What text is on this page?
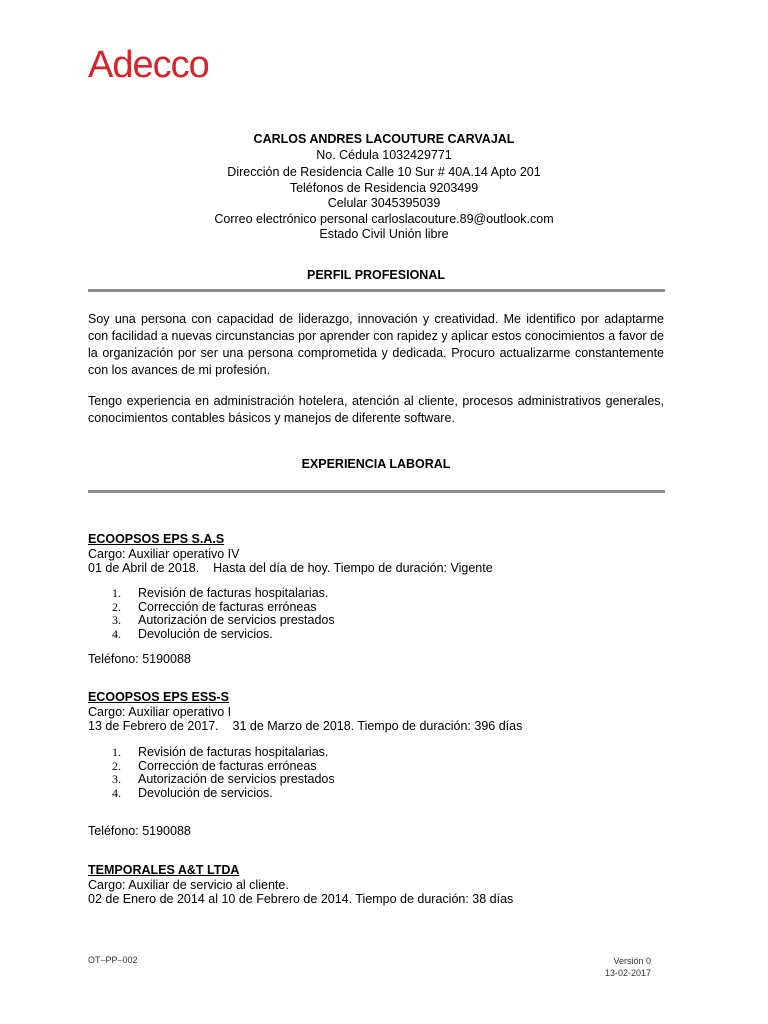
Adecco
CARLOS ANDRES LACOUTURE CARVAJAL
No. Cédula 1032429771
Dirección de Residencia Calle 10 Sur # 40A.14 Apto 201
Teléfonos de Residencia 9203499
Celular 3045395039
Correo electrónico personal carloslacouture.89@outlook.com
Estado Civil Unión libre
PERFIL PROFESIONAL

Soy una persona con capacidad de liderazgo, innovación y creatividad. Me identifico por adaptarme con facilidad a nuevas circunstancias por aprender con rapidez y aplicar estos conocimientos a favor de la organización por ser una persona comprometida y dedicada. Procuro actualizarme constantemente con los avances de mi profesión.

Tengo experiencia en administración hotelera, atención al cliente, procesos administrativos generales, conocimientos contables básicos y manejos de diferente software.

EXPERIENCIA LABORAL
ECOOPSOS EPS S.A.S
Cargo: Auxiliar operativo IV
01 de Abril de 2018.    Hasta del día de hoy. Tiempo de duración: Vigente
1.	Revisión de facturas hospitalarias.
2.	Corrección de facturas erróneas
3.	Autorización de servicios prestados
4.	Devolución de servicios.
Teléfono: 5190088
ECOOPSOS EPS ESS-S
Cargo: Auxiliar operativo I
13 de Febrero de 2017.    31 de Marzo de 2018. Tiempo de duración: 396 días
1.	Revisión de facturas hospitalarias.
2.	Corrección de facturas erróneas
3.	Autorización de servicios prestados
4.	Devolución de servicios.
Teléfono: 5190088
TEMPORALES A&T LTDA
Cargo: Auxiliar de servicio al cliente.
02 de Enero de 2014 al 10 de Febrero de 2014. Tiempo de duración: 38 días
OT–PP–002	Versión 0
13-02-2017
